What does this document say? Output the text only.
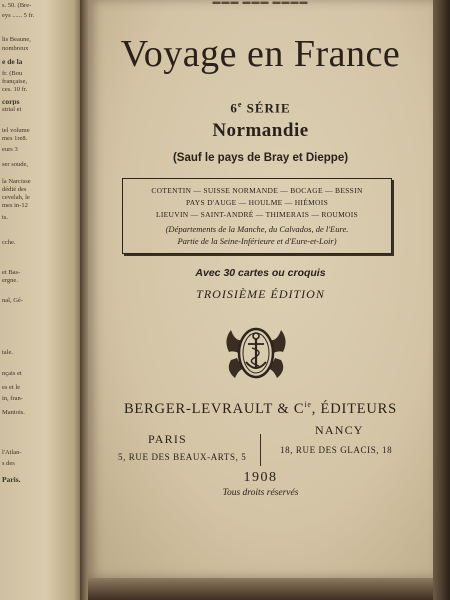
s. 50. (Bre-
eys ...... 5 fr.
lis Beaune,
nombreux
e de la
fr. (Bou
française,
ces. 10 fr.
corps
strial et
tel volume
mes 1re8.
eurs 3
ser soude,
la Narcisse
dédié des
cevelah, le
mes in-12
ts.
cche.
et Bas-
ergne.
nal, Gé-
tale.
nçais et
es et le
in, fran-
Mantois.
l'Atlan-
s des
Paris.
▬▬▬ ▬▬▬ ▬▬▬▬
Voyage en France
6e SÉRIE
Normandie
(Sauf le pays de Bray et Dieppe)
COTENTIN — SUISSE NORMANDE — BOCAGE — BESSIN
PAYS D'AUGE — HOULME — HIÉMOIS
LIEUVIN — SAINT-ANDRÉ — THIMERAIS — ROUMOIS
(Départements de la Manche, du Calvados, de l'Eure.
Partie de la Seine-Inférieure et d'Eure-et-Loir)
Avec 30 cartes ou croquis
TROISIÈME ÉDITION
BERGER-LEVRAULT & $C^{ie}$, ÉDITEURS
PARIS
5, RUE DES BEAUX-ARTS, 5
NANCY
18, RUE DES GLACIS, 18
1908
Tous droits réservés
